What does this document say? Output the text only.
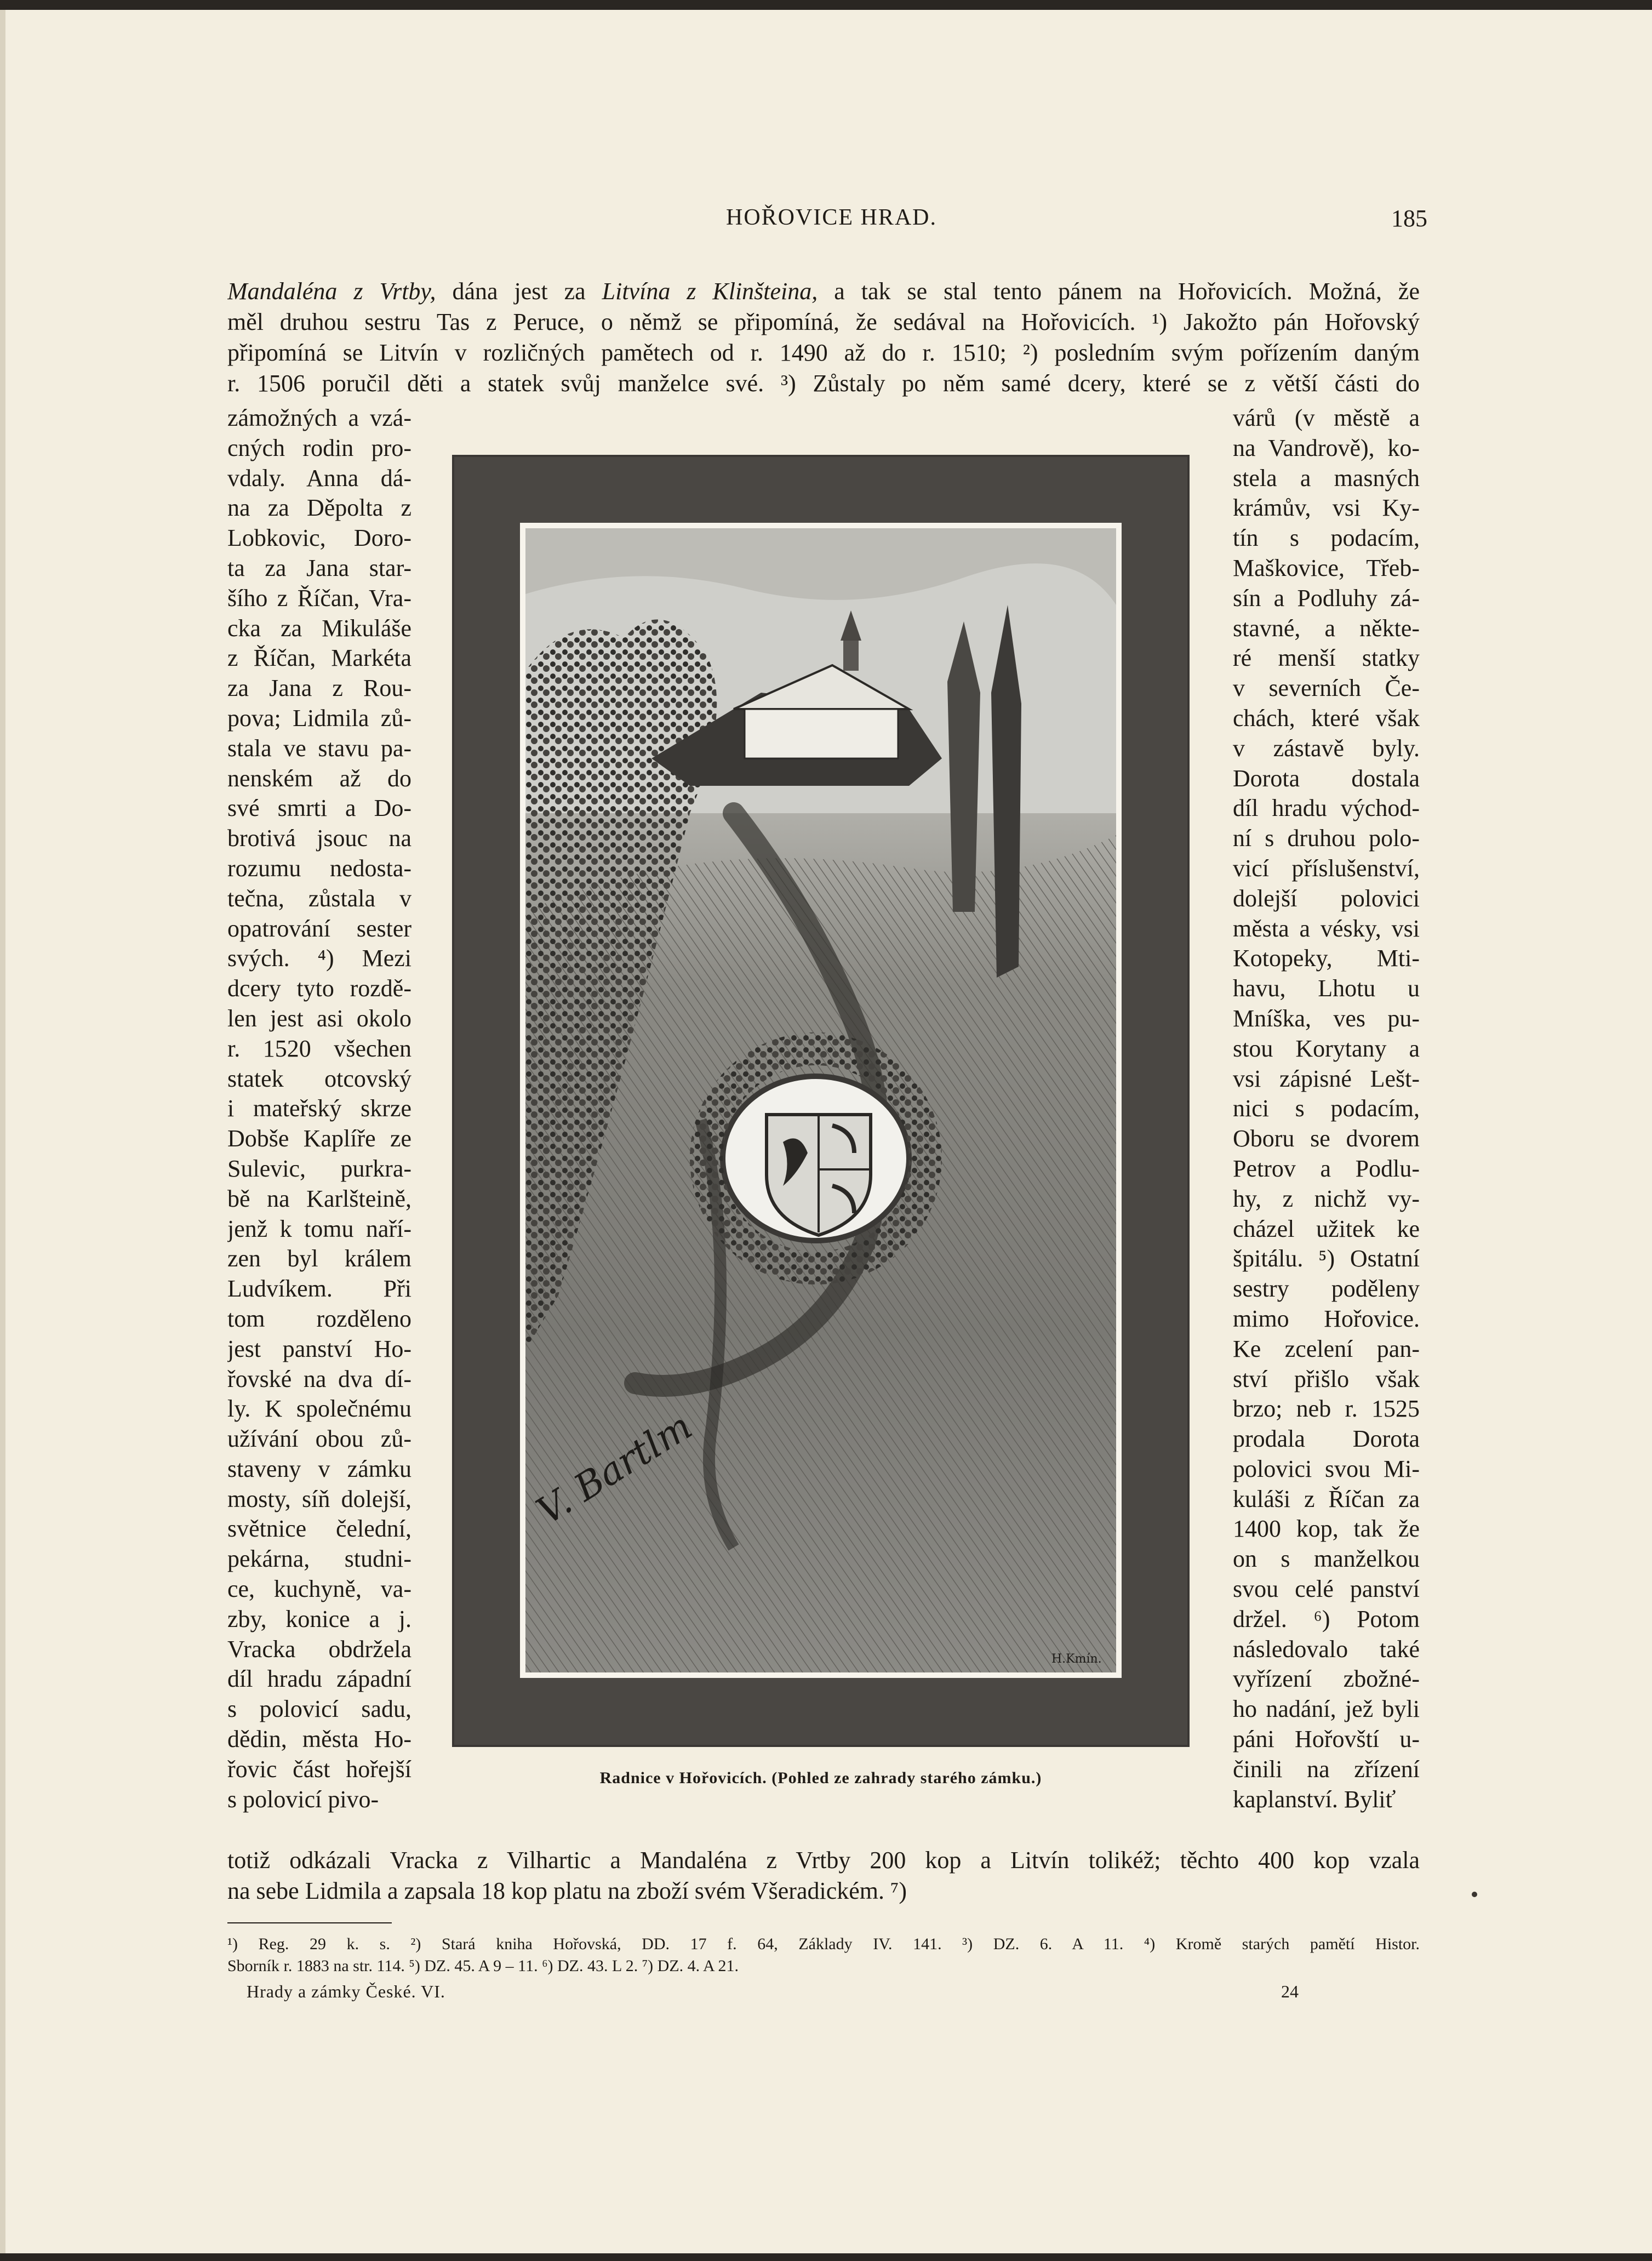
HOŘOVICE HRAD.	185
Mandaléna z Vrtby, dána jest za Litvína z Klinšteina, a tak se stal tento pánem na Hořovicích. Možná, že
měl druhou sestru Tas z Peruce, o němž se připomíná, že sedával na Hořovicích. ¹) Jakožto pán Hořovský
připomíná se Litvín v rozličných pamětech od r. 1490 až do r. 1510; ²) posledním svým pořízením daným
r. 1506 poručil děti a statek svůj manželce své. ³) Zůstaly po něm samé dcery, které se z větší části do
zámožných a vzá-
cných rodin pro-
vdaly. Anna dá-
na za Děpolta z
Lobkovic, Doro-
ta za Jana star-
šího z Říčan, Vra-
cka za Mikuláše
z Říčan, Markéta
za Jana z Rou-
pova; Lidmila zů-
stala ve stavu pa-
nenském až do
své smrti a Do-
brotivá jsouc na
rozumu nedosta-
tečna, zůstala v
opatrování sester
svých. ⁴) Mezi
dcery tyto rozdě-
len jest asi okolo
r. 1520 všechen
statek otcovský
i mateřský skrze
Dobše Kaplíře ze
Sulevic, purkra-
bě na Karlšteině,
jenž k tomu naří-
zen byl králem
Ludvíkem. Při
tom rozděleno
jest panství Ho-
řovské na dva dí-
ly. K společnému
užívání obou zů-
staveny v zámku
mosty, síň dolejší,
světnice čelední,
pekárna, studni-
ce, kuchyně, va-
zby, konice a j.
Vracka obdržela
díl hradu západní
s polovicí sadu,
dědin, města Ho-
řovic část hořejší
s polovicí pivo-
várů (v městě a
na Vandrově), ko-
stela a masných
krámův, vsi Ky-
tín s podacím,
Maškovice, Třeb-
sín a Podluhy zá-
stavné, a někte-
ré menší statky
v severních Če-
chách, které však
v zástavě byly.
Dorota dostala
díl hradu východ-
ní s druhou polo-
vicí příslušenství,
dolejší polovici
města a vésky, vsi
Kotopeky, Mti-
havu, Lhotu u
Mníška, ves pu-
stou Korytany a
vsi zápisné Lešt-
nici s podacím,
Oboru se dvorem
Petrov a Podlu-
hy, z nichž vy-
cházel užitek ke
špitálu. ⁵) Ostatní
sestry poděleny
mimo Hořovice.
Ke zcelení pan-
ství přišlo však
brzo; neb r. 1525
prodala Dorota
polovici svou Mi-
kuláši z Říčan za
1400 kop, tak že
on s manželkou
svou celé panství
držel. ⁶) Potom
následovalo také
vyřízení zbožné-
ho nadání, jež byli
páni Hořovští u-
činili na zřízení
kaplanství. Byliť
V. Bartlm
H.Kmín.
Radnice v Hořovicích. (Pohled ze zahrady starého zámku.)
totiž odkázali Vracka z Vilhartic a Mandaléna z Vrtby 200 kop a Litvín tolikéž; těchto 400 kop vzala
na sebe Lidmila a zapsala 18 kop platu na zboží svém Všeradickém. ⁷)
¹) Reg. 29 k. s. ²) Stará kniha Hořovská, DD. 17 f. 64, Základy IV. 141. ³) DZ. 6. A 11. ⁴) Kromě starých pamětí Histor.
Sborník r. 1883 na str. 114. ⁵) DZ. 45. A 9 – 11. ⁶) DZ. 43. L 2. ⁷) DZ. 4. A 21.
Hrady a zámky České. VI.	24
